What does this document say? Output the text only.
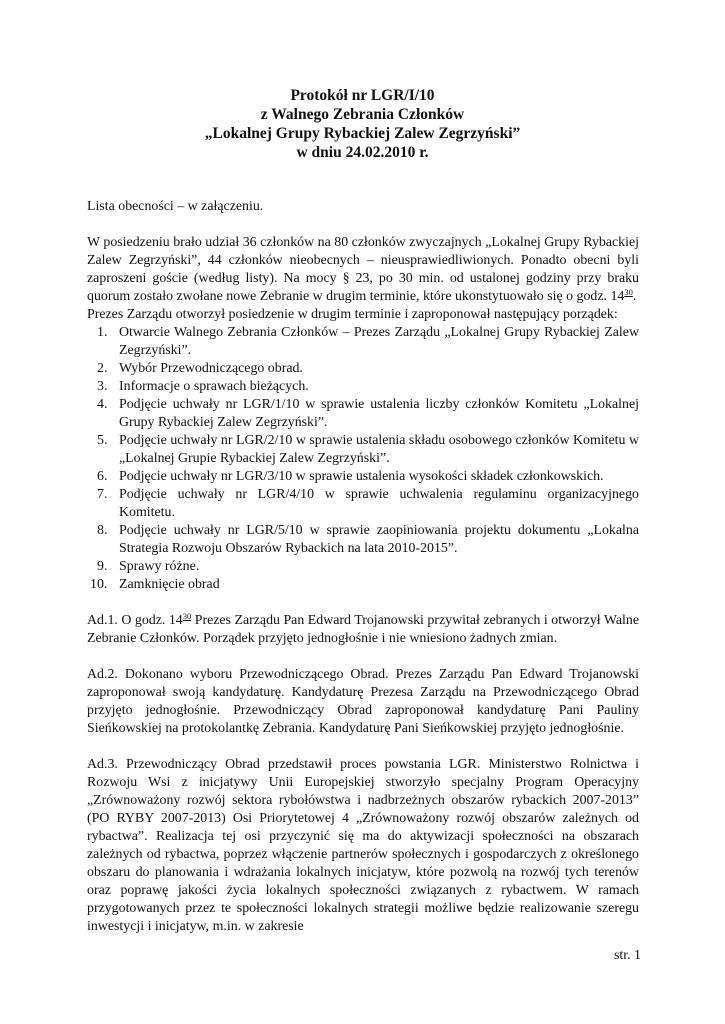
Protokół nr LGR/I/10
z Walnego Zebrania Członków
„Lokalnej Grupy Rybackiej Zalew Zegrzyński”
w dniu 24.02.2010 r.

Lista obecności – w załączeniu.

W posiedzeniu brało udział 36 członków na 80 członków zwyczajnych „Lokalnej Grupy Rybackiej Zalew Zegrzyński”, 44 członków nieobecnych – nieusprawiedliwionych. Ponadto obecni byli zaproszeni goście (według listy). Na mocy § 23, po 30 min. od ustalonej godziny przy braku quorum zostało zwołane nowe Zebranie w drugim terminie, które ukonstytuowało się o godz. $14^{30}$.

Prezes Zarządu otworzył posiedzenie w drugim terminie i zaproponował następujący porządek:

1. Otwarcie Walnego Zebrania Członków – Prezes Zarządu „Lokalnej Grupy Rybackiej Zalew Zegrzyński”.
2. Wybór Przewodniczącego obrad.
3. Informacje o sprawach bieżących.
4. Podjęcie uchwały nr LGR/1/10 w sprawie ustalenia liczby członków Komitetu „Lokalnej Grupy Rybackiej Zalew Zegrzyński”.
5. Podjęcie uchwały nr LGR/2/10 w sprawie ustalenia składu osobowego członków Komitetu w „Lokalnej Grupie Rybackiej Zalew Zegrzyński”.
6. Podjęcie uchwały nr LGR/3/10 w sprawie ustalenia wysokości składek członkowskich.
7. Podjęcie uchwały nr LGR/4/10 w sprawie uchwalenia regulaminu organizacyjnego Komitetu.
8. Podjęcie uchwały nr LGR/5/10 w sprawie zaopiniowania projektu dokumentu „Lokalna Strategia Rozwoju Obszarów Rybackich na lata 2010-2015”.
9. Sprawy różne.
10. Zamknięcie obrad

Ad.1. O godz. $14^{30}$ Prezes Zarządu Pan Edward Trojanowski przywitał zebranych i otworzył Walne Zebranie Członków. Porządek przyjęto jednogłośnie i nie wniesiono żadnych zmian.

Ad.2. Dokonano wyboru Przewodniczącego Obrad. Prezes Zarządu Pan Edward Trojanowski zaproponował swoją kandydaturę. Kandydaturę Prezesa Zarządu na Przewodniczącego Obrad przyjęto jednogłośnie. Przewodniczący Obrad zaproponował kandydaturę Pani Pauliny Sieńkowskiej na protokolantkę Zebrania. Kandydaturę Pani Sieńkowskiej przyjęto jednogłośnie.

Ad.3. Przewodniczący Obrad przedstawił proces powstania LGR. Ministerstwo Rolnictwa i Rozwoju Wsi z inicjatywy Unii Europejskiej stworzyło specjalny Program Operacyjny „Zrównoważony rozwój sektora rybołówstwa i nadbrzeżnych obszarów rybackich 2007-2013” (PO RYBY 2007-2013) Osi Priorytetowej 4 „Zrównoważony rozwój obszarów zależnych od rybactwa”. Realizacja tej osi przyczynić się ma do aktywizacji społeczności na obszarach zależnych od rybactwa, poprzez włączenie partnerów społecznych i gospodarczych z określonego obszaru do planowania i wdrażania lokalnych inicjatyw, które pozwolą na rozwój tych terenów oraz poprawę jakości życia lokalnych społeczności związanych z rybactwem. W ramach przygotowanych przez te społeczności lokalnych strategii możliwe będzie realizowanie szeregu inwestycji i inicjatyw, m.in. w zakresie

str. 1
